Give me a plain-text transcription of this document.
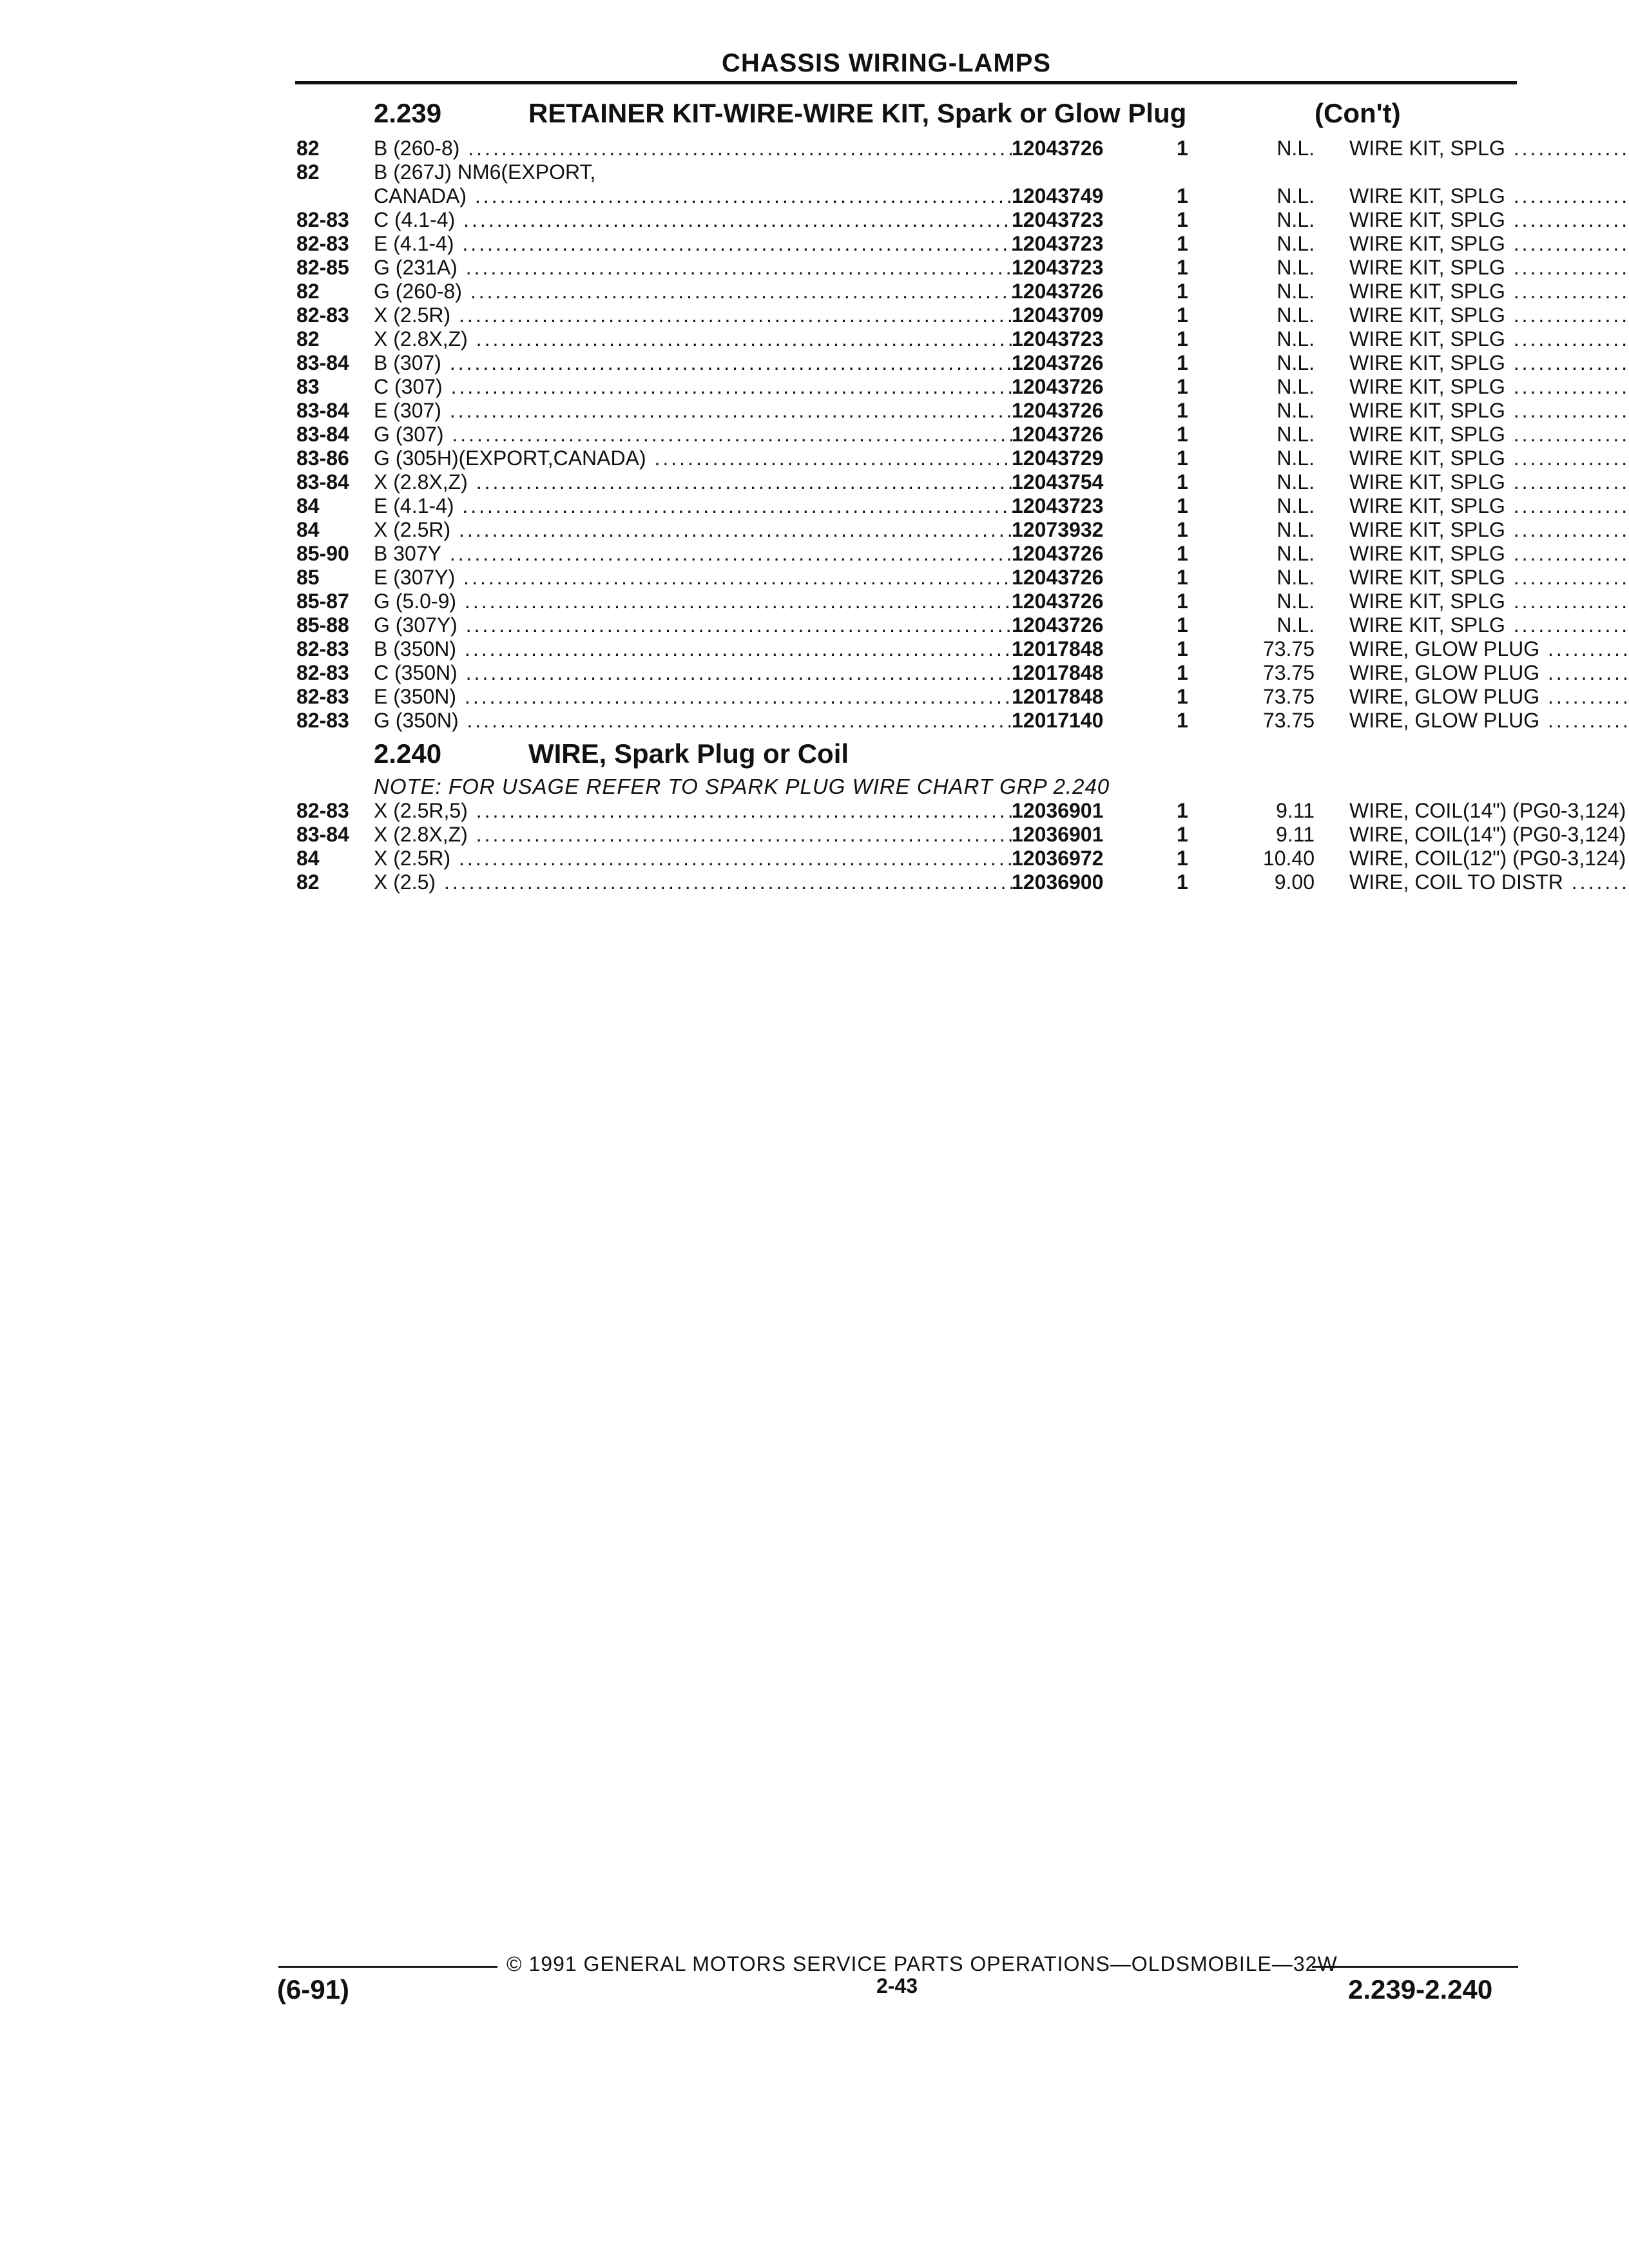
CHASSIS WIRING-LAMPS
2.239	RETAINER KIT-WIRE-WIRE KIT, Spark or Glow Plug	(Con't)
82	B (260-8) .....	12043726	1	N.L. WIRE KIT, SPLG .....
82	B (267J) NM6(EXPORT,
CANADA) .....	12043749	1	N.L. WIRE KIT, SPLG .....
82-83 C (4.1-4) .....	12043723	1	N.L. WIRE KIT, SPLG .....
82-83 E (4.1-4) .....	12043723	1	N.L. WIRE KIT, SPLG .....
82-85 G (231A) .....	12043723	1	N.L. WIRE KIT, SPLG .....
82	G (260-8) .....	12043726	1	N.L. WIRE KIT, SPLG .....
82-83 X (2.5R) .....	12043709	1	N.L. WIRE KIT, SPLG .....
82	X (2.8X,Z) .....	12043723	1	N.L. WIRE KIT, SPLG .....
83-84 B (307) .....	12043726	1	N.L. WIRE KIT, SPLG .....
83	C (307) .....	12043726	1	N.L. WIRE KIT, SPLG .....
83-84 E (307) .....	12043726	1	N.L. WIRE KIT, SPLG .....
83-84 G (307) .....	12043726	1	N.L. WIRE KIT, SPLG .....
83-86 G (305H)(EXPORT,CANADA) .....	12043729	1	N.L. WIRE KIT, SPLG .....
83-84 X (2.8X,Z) .....	12043754	1	N.L. WIRE KIT, SPLG .....
84	E (4.1-4) .....	12043723	1	N.L. WIRE KIT, SPLG .....
84	X (2.5R) .....	12073932	1	N.L. WIRE KIT, SPLG .....
85-90 B 307Y .....	12043726	1	N.L. WIRE KIT, SPLG .....
85	E (307Y) .....	12043726	1	N.L. WIRE KIT, SPLG .....
85-87 G (5.0-9) .....	12043726	1	N.L. WIRE KIT, SPLG .....
85-88 G (307Y) .....	12043726	1	N.L. WIRE KIT, SPLG .....
82-83 B (350N) .....	12017848	1	73.75 WIRE, GLOW PLUG .....
82-83 C (350N) .....	12017848	1	73.75 WIRE, GLOW PLUG .....
82-83 E (350N) .....	12017848	1	73.75 WIRE, GLOW PLUG .....
82-83 G (350N) .....	12017140	1	73.75 WIRE, GLOW PLUG .....
2.240	WIRE, Spark Plug or Coil
NOTE: FOR USAGE REFER TO SPARK PLUG WIRE CHART GRP 2.240
82-83 X (2.5R,5) .....	12036901	1	9.11 WIRE, COIL(14") (PG0-3,124) .....
83-84 X (2.8X,Z) .....	12036901	1	9.11 WIRE, COIL(14") (PG0-3,124) .....
84	X (2.5R) .....	12036972	1	10.40 WIRE, COIL(12") (PG0-3,124) .....
82	X (2.5) .....	12036900	1	9.00 WIRE, COIL TO DISTR .....
© 1991 GENERAL MOTORS SERVICE PARTS OPERATIONS—OLDSMOBILE—32W
(6-91)	2-43	2.239-2.240
